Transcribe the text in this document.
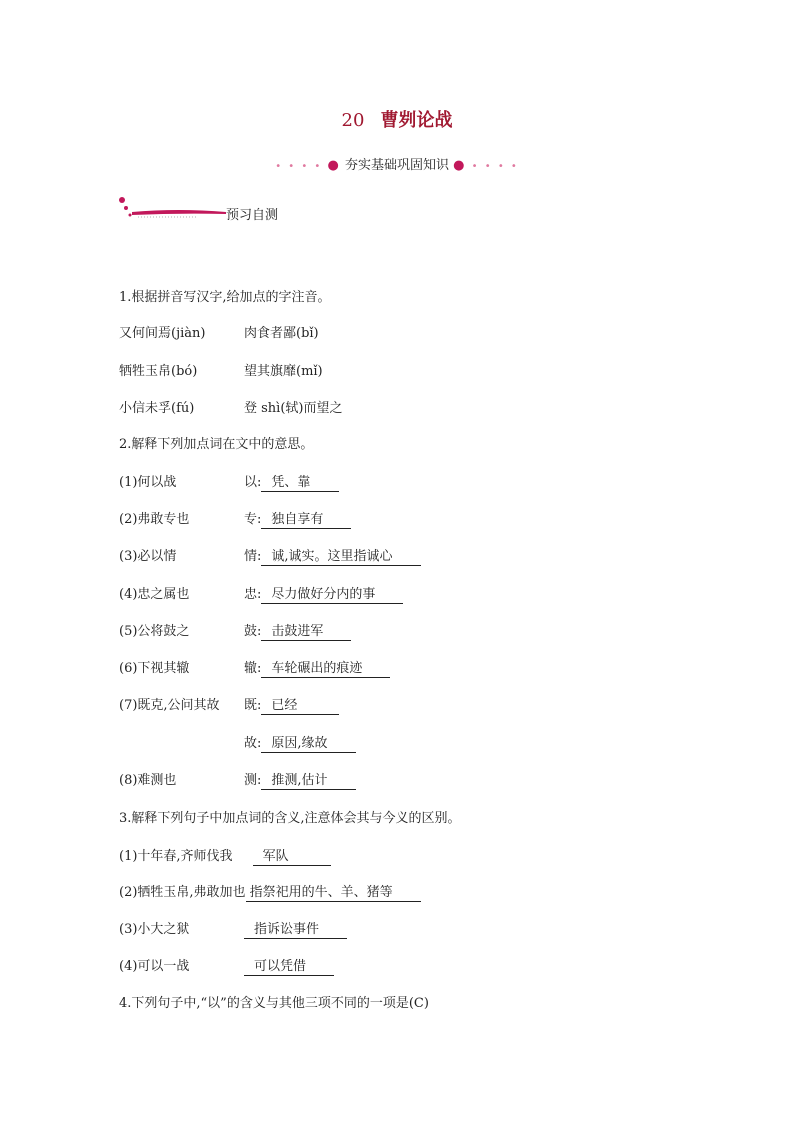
20 曹刿论战
• • • • ● 夯实基础巩固知识 ● • • • •
预习自测
1.根据拼音写汉字,给加点的字注音。
又何间焉(jiàn)	肉食者鄙(bǐ)
牺牲玉帛(bó)	望其旗靡(mǐ)
小信未孚(fú)	登 shì(轼)而望之
2.解释下列加点词在文中的意思。
(1)何以战	以: 凭、靠
(2)弗敢专也	专: 独自享有
(3)必以情	情: 诚,诚实。这里指诚心
(4)忠之属也	忠: 尽力做好分内的事
(5)公将鼓之	鼓: 击鼓进军
(6)下视其辙	辙: 车轮碾出的痕迹
(7)既克,公问其故 既: 已经
故: 原因,缘故
(8)难测也	测: 推测,估计
3.解释下列句子中加点词的含义,注意体会其与今义的区别。
(1)十年春,齐师伐我 军队
(2)牺牲玉帛,弗敢加也 指祭祀用的牛、羊、猪等
(3)小大之狱	指诉讼事件
(4)可以一战	可以凭借
4.下列句子中,“以”的含义与其他三项不同的一项是(C)
